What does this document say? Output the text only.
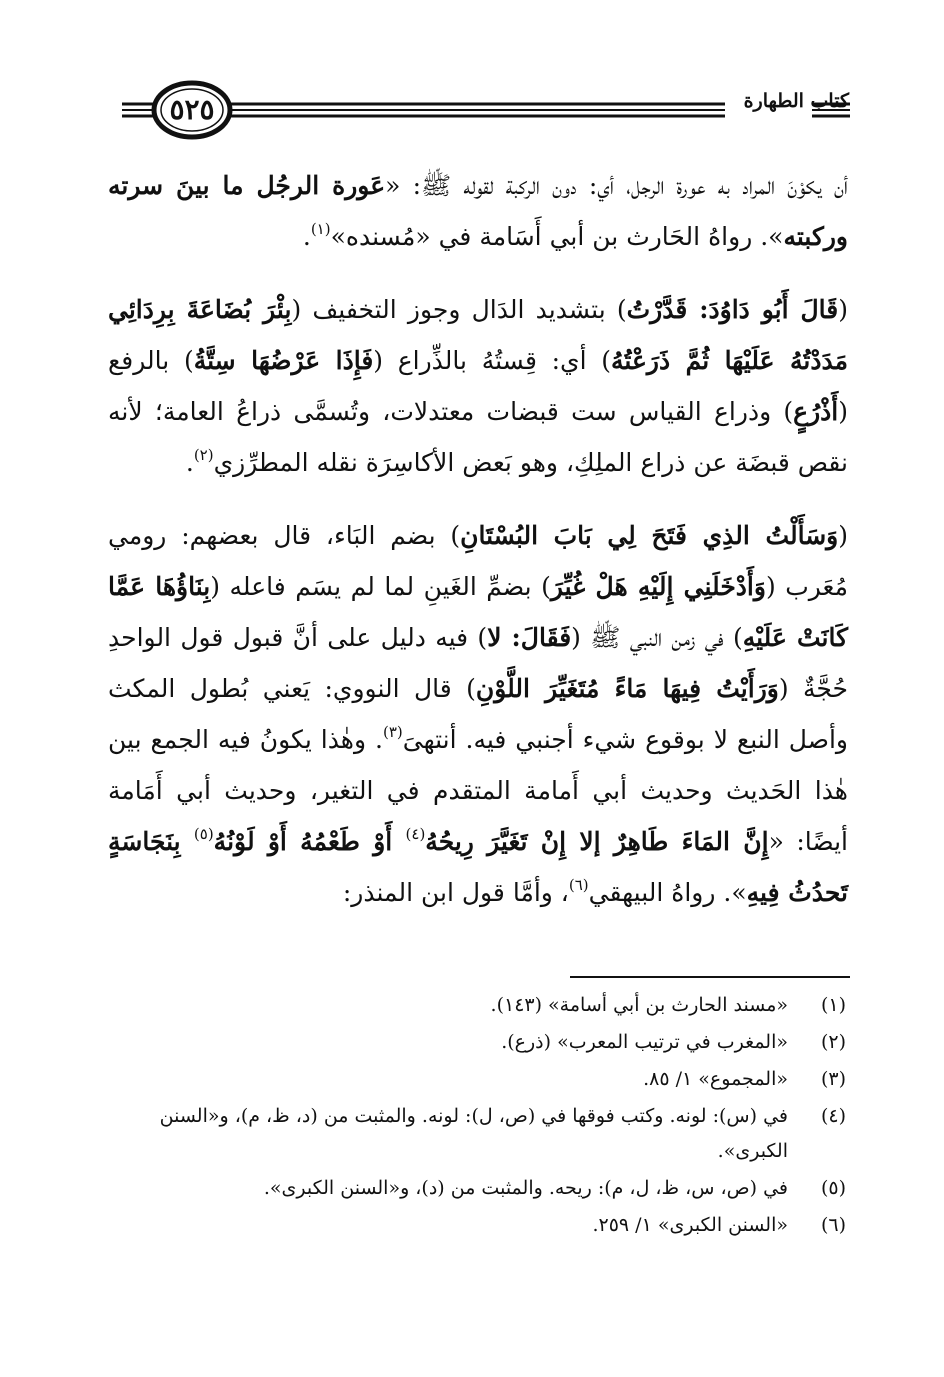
٥٢٥	كتاب الطهارة

أن يكوْنَ المراد به عورة الرجل، أي: دون الركبة لقوله ﷺ: «عَورة الرجُل ما بينَ سرته وركبته». رواهُ الحَارث بن أبي أَسَامة في «مُسنده»$^{(١)}$.

(قَالَ أَبُو دَاوُدَ: قَدَّرْتُ) بتشديد الدَال وجوز التخفيف (بِئْرَ بُضَاعَةَ بِرِدَائِي مَدَدْتُهُ عَلَيْهَا ثُمَّ ذَرَعْتُهُ) أي: قِستُهُ بالذِّراع (فَإِذَا عَرْضُهَا سِتَّةُ) بالرفع (أَذْرُعٍ) وذراع القياس ست قبضات معتدلات، وتُسمَّى ذراعُ العامة؛ لأنه نقص قبضَة عن ذراع الملِكِ، وهو بَعض الأكاسِرَة نقله المطرِّزي$^{(٢)}$.

(وَسَأَلْتُ الذِي فَتَحَ لِي بَابَ البُسْتَانِ) بضم البَاء، قال بعضهم: رومي مُعَرب (وَأَدْخَلَنِي إِلَيْهِ هَلْ غُيِّرَ) بضمِّ الغَينِ لما لم يسَم فاعله (بِنَاؤُهَا عَمَّا كَانَتْ عَلَيْهِ) في زمن النبي ﷺ (فَقَالَ: لا) فيه دليل على أنَّ قبول قول الواحدِ حُجَّةٌ (وَرَأَيْتُ فِيهَا مَاءً مُتَغَيِّرَ اللَّوْنِ) قال النووي: يَعني بُطول المكث وأصل النبع لا بوقوع شيء أجنبي فيه. أنتهىَ$^{(٣)}$. وهٰذا يكونُ فيه الجمع بين هٰذا الحَديث وحديث أبي أَمامة المتقدم في التغير، وحديث أبي أَمَامة أيضًا: «إِنَّ المَاءَ طَاهِرٌ إلا إِنْ تَغَيَّرَ رِيحُهُ$^{(٤)}$ أَوْ طَعْمُهُ أَوْ لَوْنُهُ$^{(٥)}$ بِنَجَاسَةٍ تَحدُثُ فِيهِ». رواهُ البيهقي$^{(٦)}$، وأمَّا قول ابن المنذر:

(١)
«مسند الحارث بن أبي أسامة» (١٤٣).
(٢)
«المغرب في ترتيب المعرب» (ذرع).
(٣)
«المجموع» ١/ ٨٥.
(٤)
في (س): لونه. وكتب فوقها في (ص، ل): لونه. والمثبت من (د، ظ، م)، و«السنن الكبرى».
(٥)
في (ص، س، ظ، ل، م): ريحه. والمثبت من (د)، و«السنن الكبرى».
(٦)
«السنن الكبرى» ١/ ٢٥٩.
